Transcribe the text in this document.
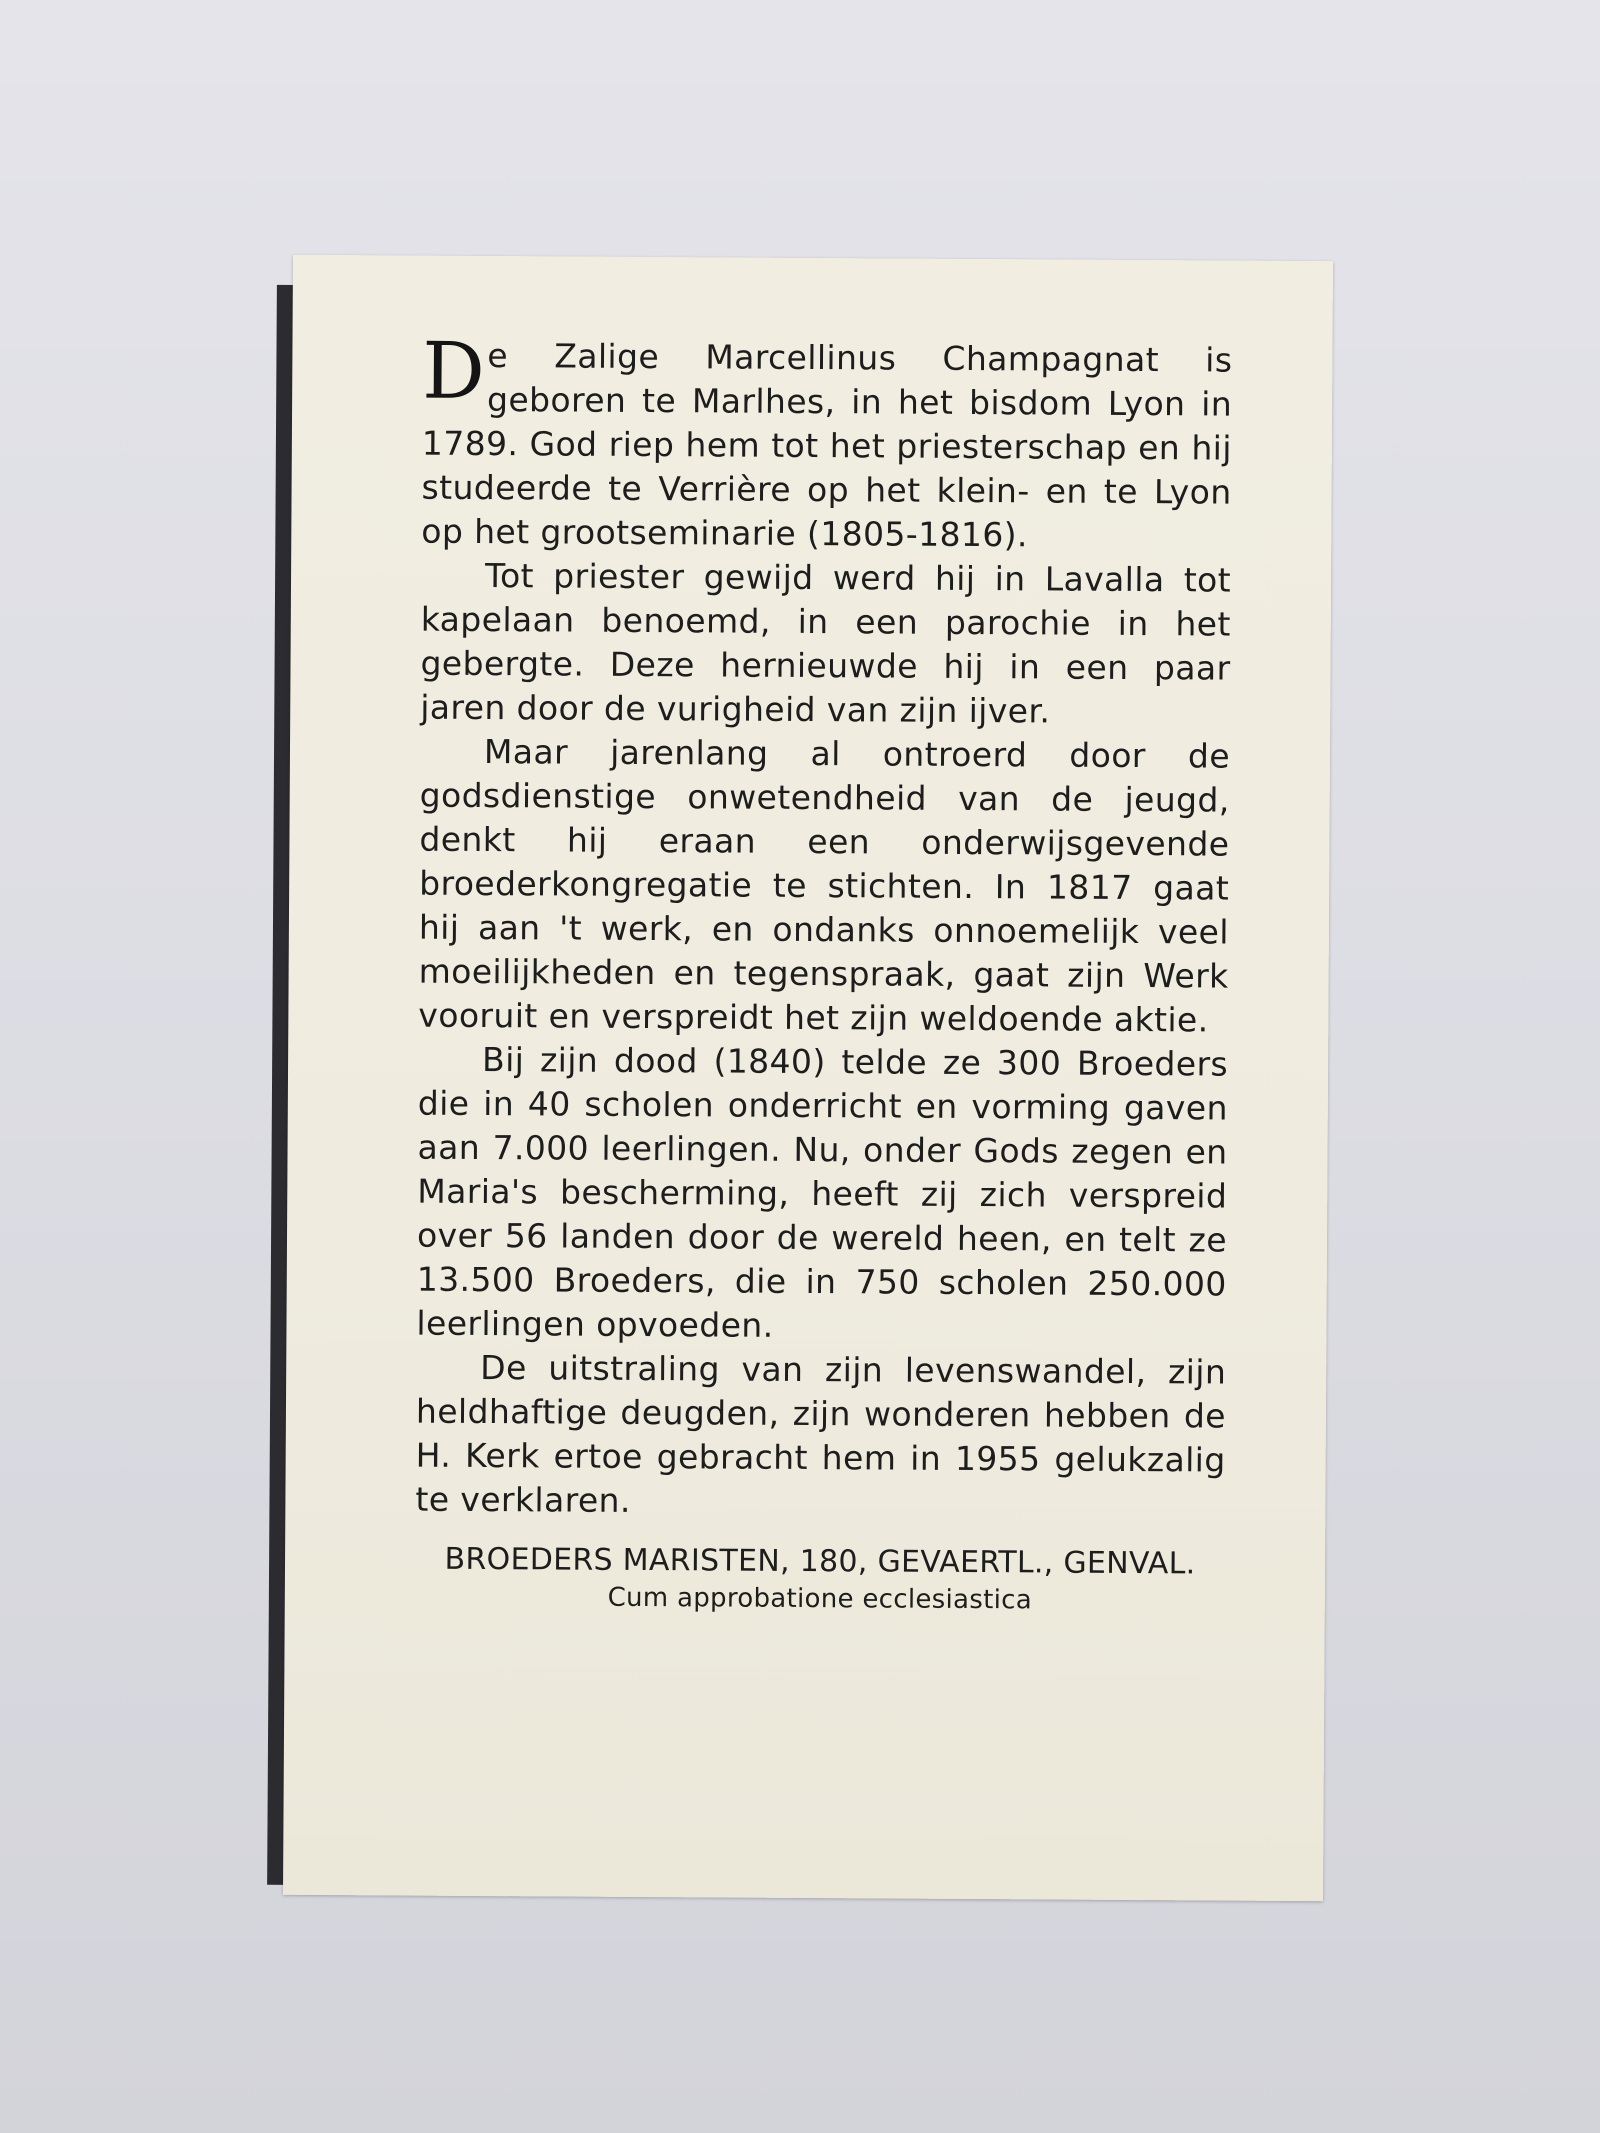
De Zalige Marcellinus Champagnat is geboren te Marlhes, in het bisdom Lyon in 1789. God riep hem tot het priesterschap en hij studeerde te Verrière op het klein- en te Lyon op het grootseminarie (1805-1816).

Tot priester gewijd werd hij in Lavalla tot kapelaan benoemd, in een parochie in het gebergte. Deze hernieuwde hij in een paar jaren door de vurigheid van zijn ijver.

Maar jarenlang al ontroerd door de godsdienstige onwetendheid van de jeugd, denkt hij eraan een onderwijsgevende broederkongregatie te stichten. In 1817 gaat hij aan 't werk, en ondanks onnoemelijk veel moeilijkheden en tegenspraak, gaat zijn Werk vooruit en verspreidt het zijn weldoende aktie.

Bij zijn dood (1840) telde ze 300 Broeders die in 40 scholen onderricht en vorming gaven aan 7.000 leerlingen. Nu, onder Gods zegen en Maria's bescherming, heeft zij zich verspreid over 56 landen door de wereld heen, en telt ze 13.500 Broeders, die in 750 scholen 250.000 leerlingen opvoeden.

De uitstraling van zijn levenswandel, zijn heldhaftige deugden, zijn wonderen hebben de H. Kerk ertoe gebracht hem in 1955 gelukzalig te verklaren.

BROEDERS MARISTEN, 180, GEVAERTL., GENVAL.
Cum approbatione ecclesiastica
